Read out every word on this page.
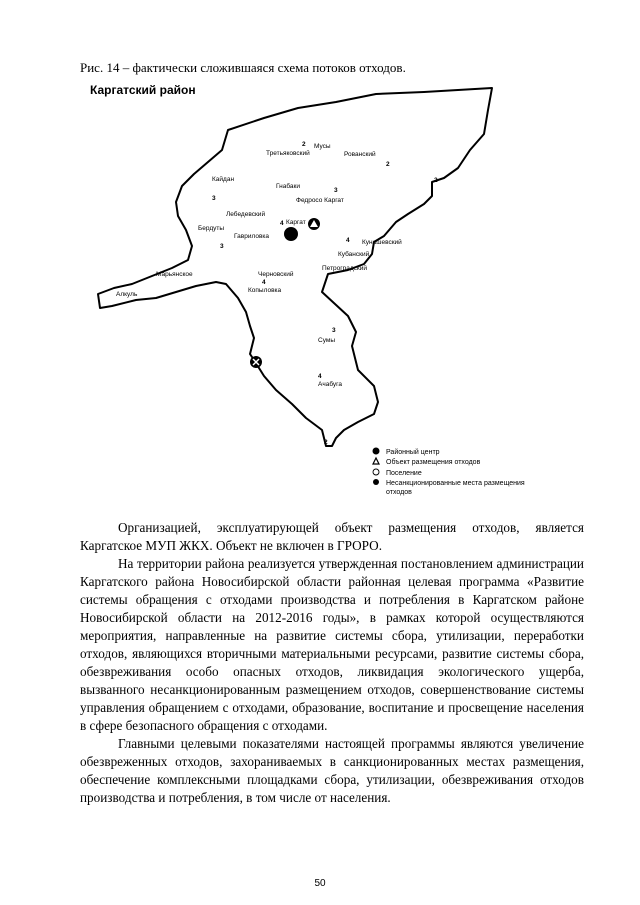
Рис. 14 – фактически сложившаяся схема потоков отходов.
Каргатский район
Мусы
Третьяковский	Рованский
Кайдан
Гнабаки
Федросо Каргат
Лебедевский
Бердуты
Каргат
Гавриловка
Кунашевский
Кубанский
Петроградский
Черновский
Марьянское
Алкуль
Копыловка
Сумы
Ачабуга
2
2
2
3
3
4
3
4
3
4
4
2
Районный центр
Объект размещения отходов
Поселение
Несанкционированные места размещения
отходов

Организацией, эксплуатирующей объект размещения отходов, является Каргатское МУП ЖКХ. Объект не включен в ГРОРО.

На территории района реализуется утвержденная постановлением администрации Каргатского района Новосибирской области районная целевая программа «Развитие системы обращения с отходами производства и потребления в Каргатском районе Новосибирской области на 2012-2016 годы», в рамках которой осуществляются мероприятия, направленные на развитие системы сбора, утилизации, переработки отходов, являющихся вторичными материальными ресурсами, развитие системы сбора, обезвреживания особо опасных отходов, ликвидация экологического ущерба, вызванного несанкционированным размещением отходов, совершенствование системы управления обращением с отходами, образование, воспитание и просвещение населения в сфере безопасного обращения с отходами.

Главными целевыми показателями настоящей программы являются увеличение обезвреженных отходов, захораниваемых в санкционированных местах размещения, обеспечение комплексными площадками сбора, утилизации, обезвреживания отходов производства и потребления, в том числе от населения.

50
